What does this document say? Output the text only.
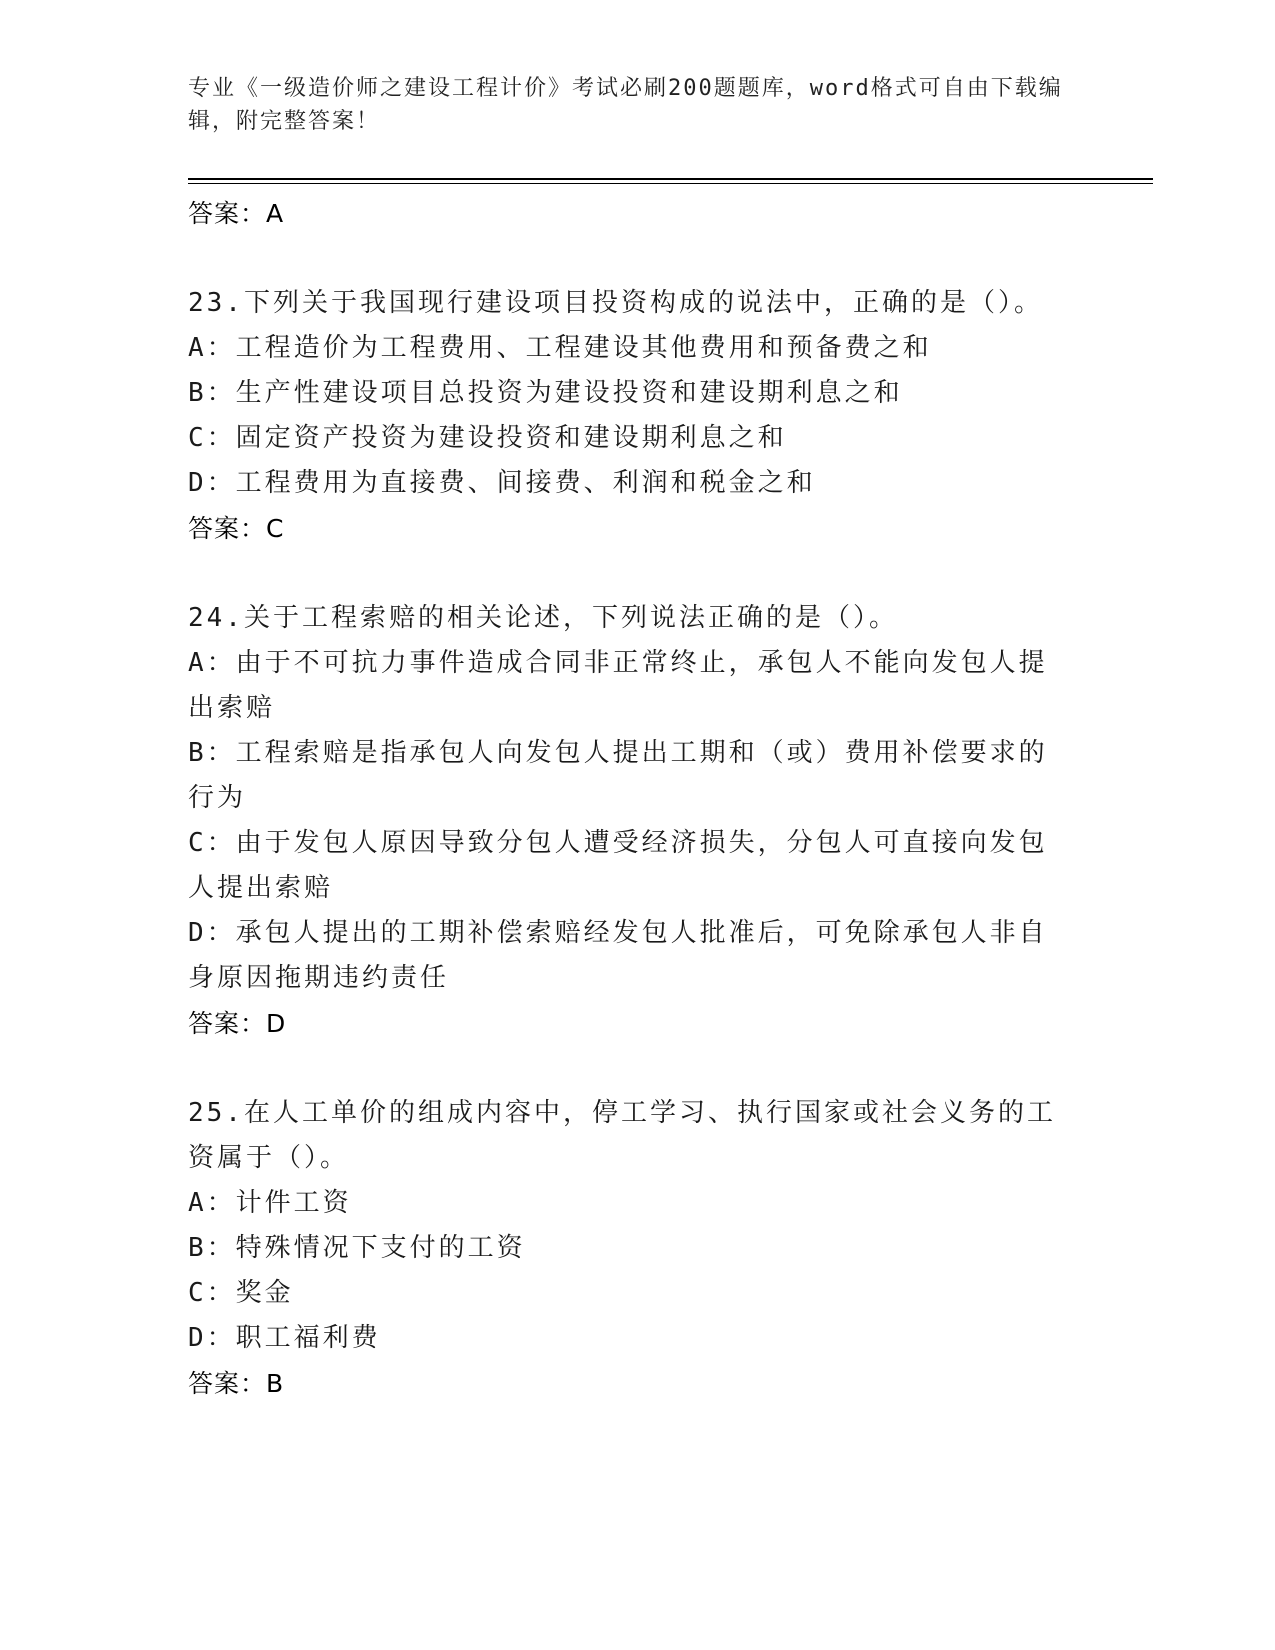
专业《一级造价师之建设工程计价》考试必刷200题题库，word格式可自由下载编辑，附完整答案！

答案：A

23.下列关于我国现行建设项目投资构成的说法中，正确的是（）。

A：工程造价为工程费用、工程建设其他费用和预备费之和

B：生产性建设项目总投资为建设投资和建设期利息之和

C：固定资产投资为建设投资和建设期利息之和

D：工程费用为直接费、间接费、利润和税金之和

答案：C

24.关于工程索赔的相关论述，下列说法正确的是（）。

A：由于不可抗力事件造成合同非正常终止，承包人不能向发包人提出索赔

B：工程索赔是指承包人向发包人提出工期和（或）费用补偿要求的行为

C：由于发包人原因导致分包人遭受经济损失，分包人可直接向发包人提出索赔

D：承包人提出的工期补偿索赔经发包人批准后，可免除承包人非自身原因拖期违约责任

答案：D

25.在人工单价的组成内容中，停工学习、执行国家或社会义务的工资属于（）。

A：计件工资

B：特殊情况下支付的工资

C：奖金

D：职工福利费

答案：B
